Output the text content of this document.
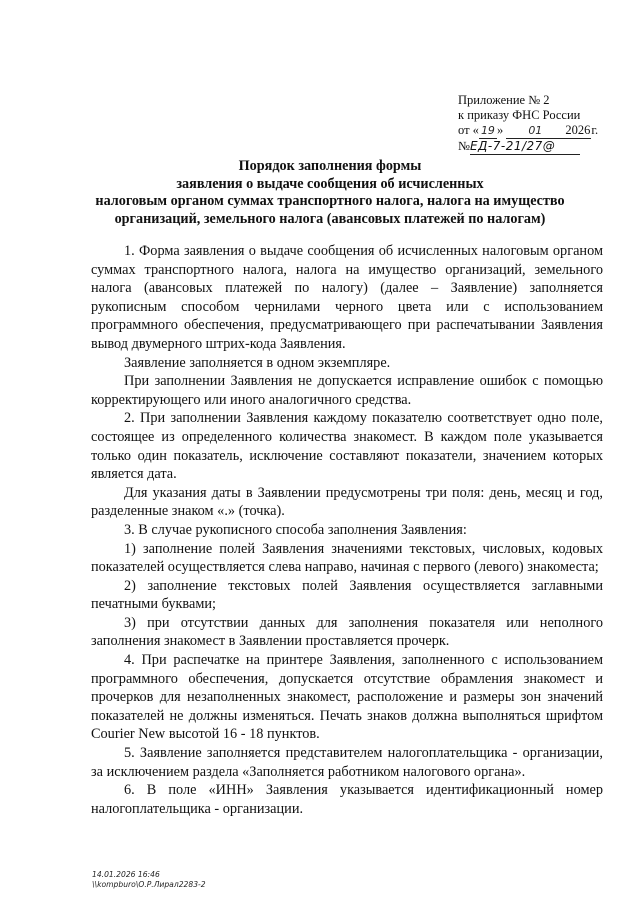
Приложение № 2
к приказу ФНС России
от « 19 » 01 2026г.
№ЕД-7-21/27@
Порядок заполнения формы
заявления о выдаче сообщения об исчисленных
налоговым органом суммах транспортного налога, налога на имущество
организаций, земельного налога (авансовых платежей по налогам)

1. Форма заявления о выдаче сообщения об исчисленных налоговым органом суммах транспортного налога, налога на имущество организаций, земельного налога (авансовых платежей по налогу) (далее – Заявление) заполняется рукописным способом чернилами черного цвета или с использованием программного обеспечения, предусматривающего при распечатывании Заявления вывод двумерного штрих-кода Заявления.

Заявление заполняется в одном экземпляре.

При заполнении Заявления не допускается исправление ошибок с помощью корректирующего или иного аналогичного средства.

2. При заполнении Заявления каждому показателю соответствует одно поле, состоящее из определенного количества знакомест. В каждом поле указывается только один показатель, исключение составляют показатели, значением которых является дата.

Для указания даты в Заявлении предусмотрены три поля: день, месяц и год, разделенные знаком «.» (точка).

3. В случае рукописного способа заполнения Заявления:

1) заполнение полей Заявления значениями текстовых, числовых, кодовых показателей осуществляется слева направо, начиная с первого (левого) знакоместа;

2) заполнение текстовых полей Заявления осуществляется заглавными печатными буквами;

3) при отсутствии данных для заполнения показателя или неполного заполнения знакомест в Заявлении проставляется прочерк.

4. При распечатке на принтере Заявления, заполненного с использованием программного обеспечения, допускается отсутствие обрамления знакомест и прочерков для незаполненных знакомест, расположение и размеры зон значений показателей не должны изменяться. Печать знаков должна выполняться шрифтом Courier New высотой 16 - 18 пунктов.

5. Заявление заполняется представителем налогоплательщика - организации, за исключением раздела «Заполняется работником налогового органа».

6. В поле «ИНН» Заявления указывается идентификационный номер налогоплательщика - организации.

14.01.2026 16:46
\\kompburo\О.Р.Лирал2283-2
